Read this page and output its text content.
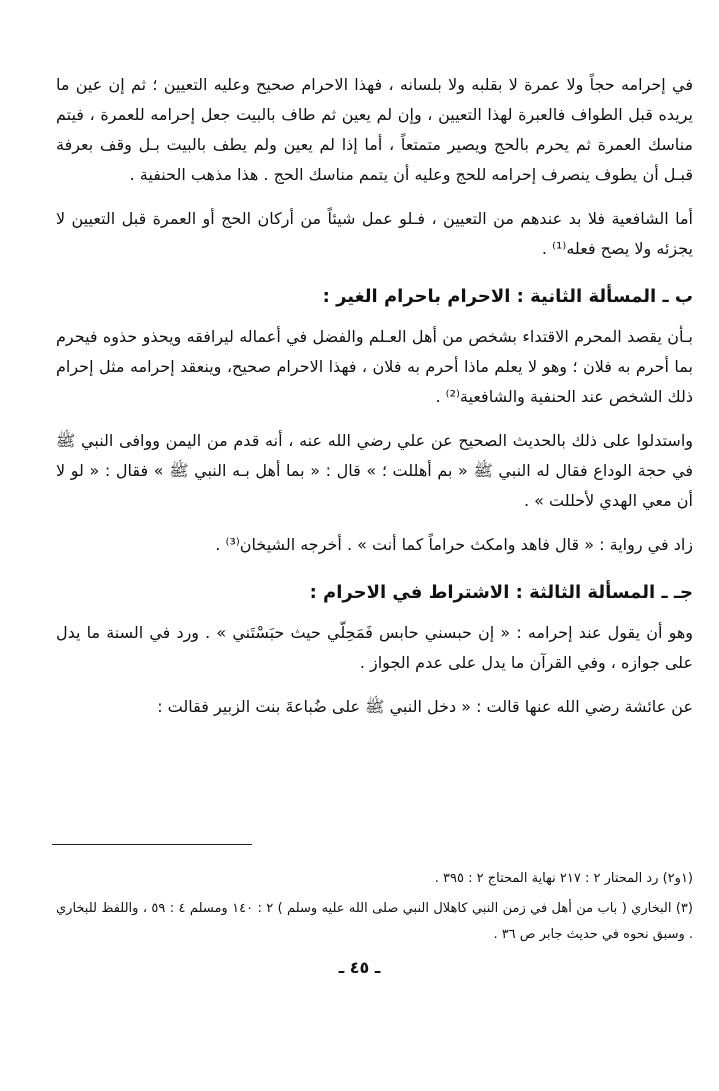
في إحرامه حجاً ولا عمرة لا بقلبه ولا بلسانه ، فهذا الاحرام صحيح وعليه التعيين ؛ ثم إن عين ما يريده قبل الطواف فالعبرة لهذا التعيين ، وإن لم يعين ثم طاف بالبيت جعل إحرامه للعمرة ، فيتم مناسك العمرة ثم يحرم بالحج ويصير متمتعاً ، أما إذا لم يعين ولم يطف بالبيت بـل وقف بعرفة قبـل أن يطوف ينصرف إحرامه للحج وعليه أن يتمم مناسك الحج . هذا مذهب الحنفية .

أما الشافعية فلا بد عندهم من التعيين ، فـلو عمل شيئاً من أركان الحج أو العمرة قبل التعيين لا يجزئه ولا يصح فعله⁽¹⁾ .

ب ـ المسألة الثانية : الاحرام باحرام الغير :

بـأن يقصد المحرم الاقتداء بشخص من أهل العـلم والفضل في أعماله ليرافقه ويحذو حذوه فيحرم بما أحرم به فلان ؛ وهو لا يعلم ماذا أحرم به فلان ، فهذا الاحرام صحيح، وينعقد إحرامه مثل إحرام ذلك الشخص عند الحنفية والشافعية⁽²⁾ .

واستدلوا على ذلك بالحديث الصحيح عن علي رضي الله عنه ، أنه قدم من اليمن ووافى النبي ﷺ في حجة الوداع فقال له النبي ﷺ « بم أهللت ؛ » قال : « بما أهل بـه النبي ﷺ » فقال : « لو لا أن معي الهدي لأحللت » .

زاد في رواية : « قال فاهد وامكث حراماً كما أنت » . أخرجه الشيخان⁽³⁾ .

جـ ـ المسألة الثالثة : الاشتراط في الاحرام :

وهو أن يقول عند إحرامه : « إن حبسني حابس فَمَحِلّي حيث حبَسْتَني » . ورد في السنة ما يدل على جوازه ، وفي القرآن ما يدل على عدم الجواز .

عن عائشة رضي الله عنها قالت : « دخل النبي ﷺ على ضُباعةَ بنت الزبير فقالت :

(١و٢) رد المحتار ٢ : ٢١٧ نهاية المحتاج ٢ : ٣٩٥ .

(٣) البخاري ( باب من أهل في زمن النبي كاهلال النبي صلى الله عليه وسلم ) ٢ : ١٤٠ ومسلم ٤ : ٥٩ ، واللفظ للبخاري . وسبق نحوه في حديث جابر ص ٣٦ .

ـ ٤٥ ـ
